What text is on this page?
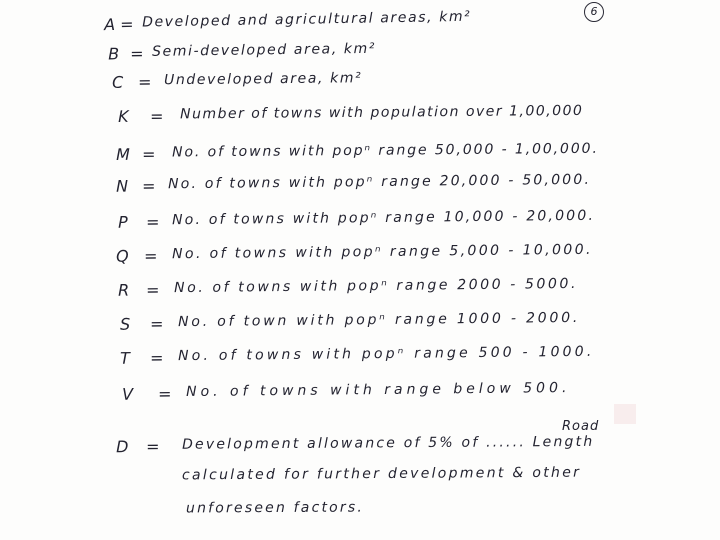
6
A = Developed and agricultural areas, km²
B = Semi-developed area, km²
C = Undeveloped area, km²
K = Number of towns with population over 1,00,000
M = No. of towns with popⁿ range 50,000 - 1,00,000.
N = No. of towns with popⁿ range 20,000 - 50,000.
P = No. of towns with popⁿ range 10,000 - 20,000.
Q = No. of towns with popⁿ range 5,000 - 10,000.
R = No. of towns with popⁿ range 2000 - 5000.
S = No. of town with popⁿ range 1000 - 2000.
T = No. of towns with popⁿ range 500 - 1000.
V = No. of towns with range below 500.
D = Development allowance of 5% of ...... Length
Road
calculated for further development & other
unforeseen factors.
